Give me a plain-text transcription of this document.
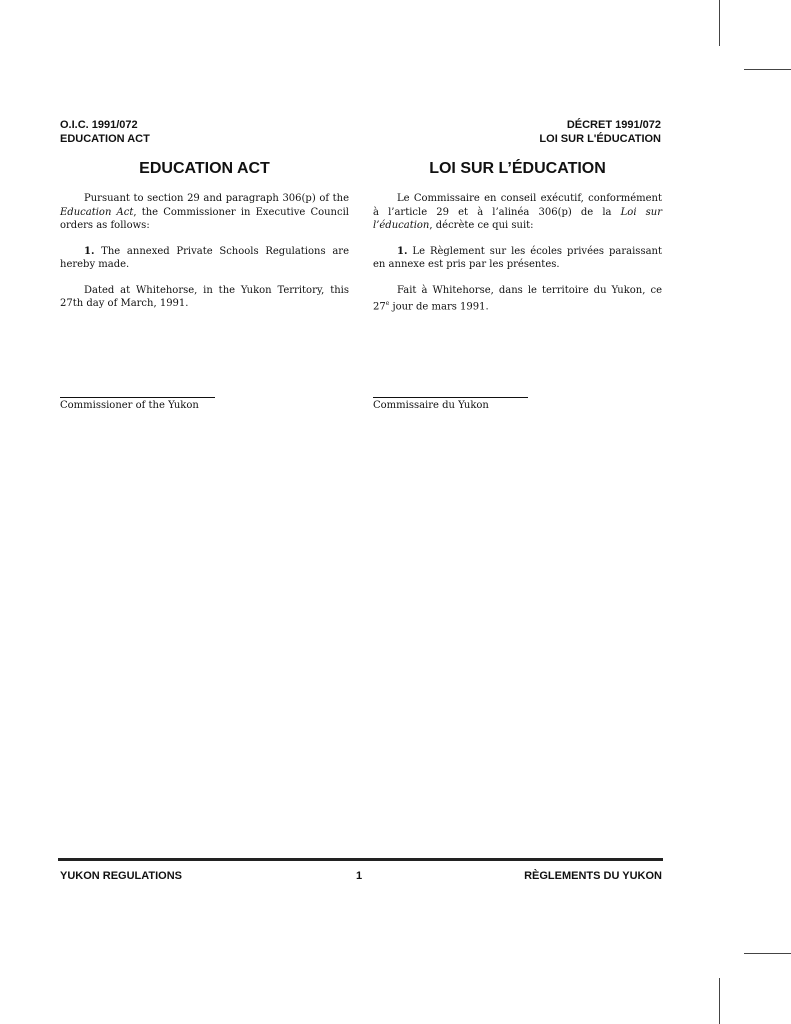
O.I.C. 1991/072
EDUCATION ACT
DÉCRET 1991/072
LOI SUR L'ÉDUCATION
EDUCATION ACT

Pursuant to section 29 and paragraph 306(p) of the Education Act, the Commissioner in Executive Council orders as follows:

1. The annexed Private Schools Regulations are hereby made.

Dated at Whitehorse, in the Yukon Territory, this 27th day of March, 1991.

LOI SUR L’ÉDUCATION

Le Commissaire en conseil exécutif, conformément à l’article 29 et à l’alinéa 306(p) de la Loi sur l’éducation, décrète ce qui suit:

1. Le Règlement sur les écoles privées paraissant en annexe est pris par les présentes.

Fait à Whitehorse, dans le territoire du Yukon, ce 27e jour de mars 1991.

Commissioner of the Yukon	Commissaire du Yukon
YUKON REGULATIONS	1	RÈGLEMENTS DU YUKON
